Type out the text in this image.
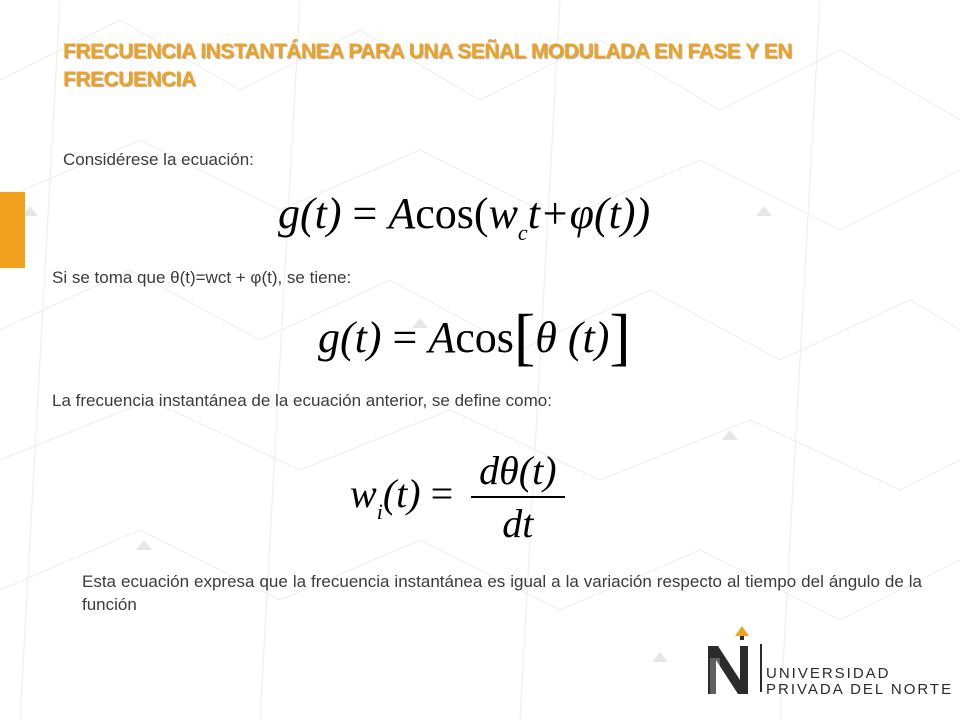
FRECUENCIA INSTANTÁNEA PARA UNA SEÑAL MODULADA EN FASE Y EN FRECUENCIA
Considérese la ecuación:
$g(t) = Acos(w_ct+\varphi(t))$
Si se toma que θ(t)=wct + φ(t), se tiene:
g(t) = Acos[θ (t)]
La frecuencia instantánea de la ecuación anterior, se define como:
$w_i(t) = \frac{d\theta(t)}{dt}$
Esta ecuación expresa que la frecuencia instantánea es igual a la variación respecto al tiempo del ángulo de la función
UNIVERSIDAD
PRIVADA DEL NORTE
